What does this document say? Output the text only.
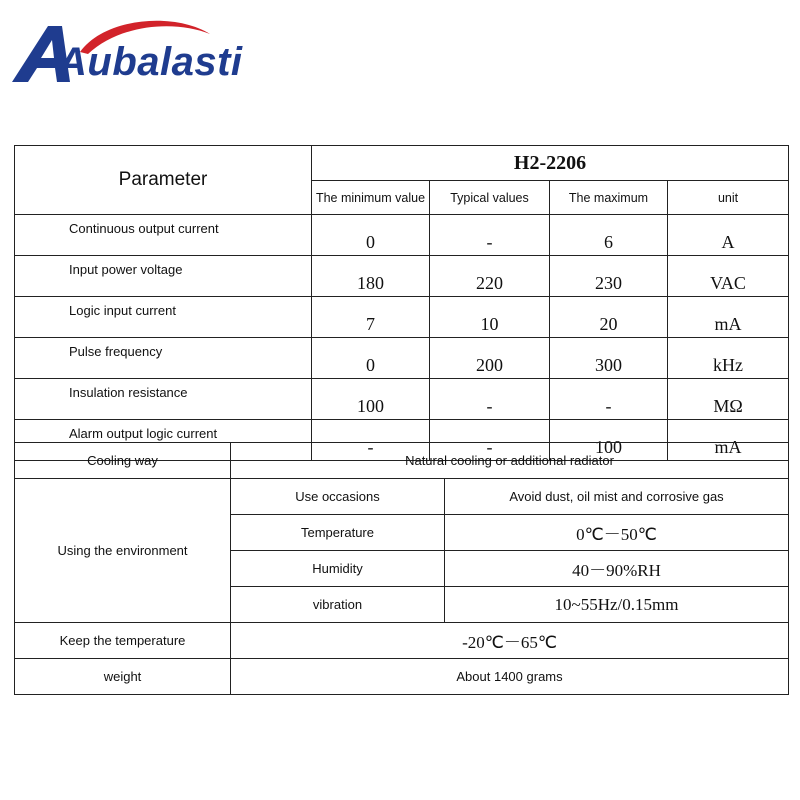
Aubalasti
Parameter	H2-2206			
	The minimum value	Typical values	The maximum	unit
Continuous output current	0	-	6	A
Input power voltage	180	220	230	VAC
Logic input current	7	10	20	mA
Pulse frequency	0	200	300	kHz
Insulation resistance	100	-	-	MΩ
Alarm output logic current	-	-	100	mA
Cooling way	Natural cooling or additional radiator	
Using the environment	Use occasions	Avoid dust, oil mist and corrosive gas
	Temperature	0℃－50℃
	Humidity	40－90%RH
	vibration	10~55Hz/0.15mm
Keep the temperature	-20℃－65℃	
weight	About 1400 grams	
